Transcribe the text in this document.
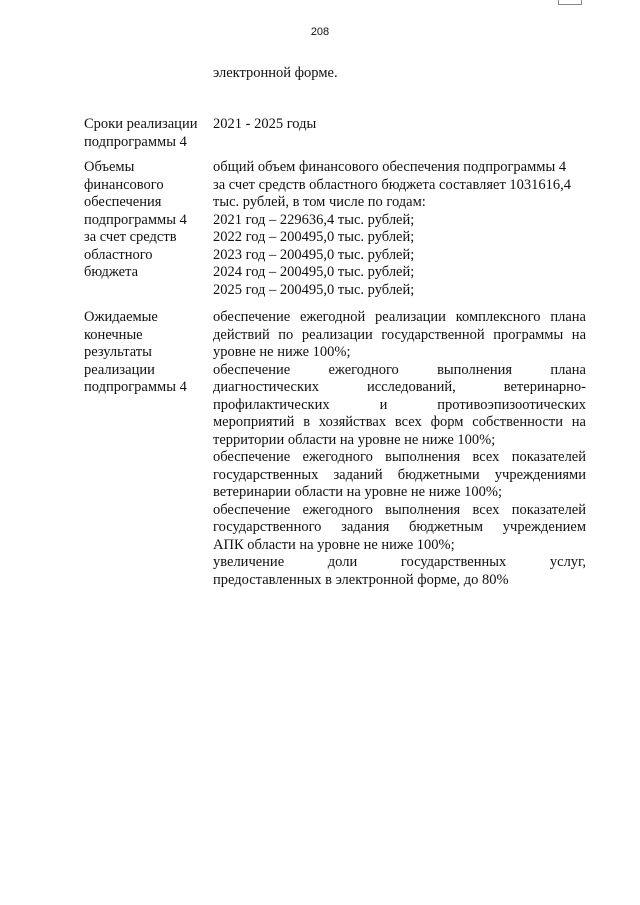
208
электронной форме.
Сроки реализации
подпрограммы 4
2021 - 2025 годы
Объемы
финансового
обеспечения
подпрограммы 4
за счет средств
областного
бюджета
общий объем финансового обеспечения подпрограммы 4
за счет средств областного бюджета составляет 1031616,4
тыс. рублей, в том числе по годам:
2021 год – 229636,4 тыс. рублей;
2022 год – 200495,0 тыс. рублей;
2023 год – 200495,0 тыс. рублей;
2024 год – 200495,0 тыс. рублей;
2025 год – 200495,0 тыс. рублей;
Ожидаемые
конечные
результаты
реализации
подпрограммы 4
обеспечение ежегодной реализации комплексного плана
действий по реализации государственной программы на
уровне не ниже 100%;
обеспечение ежегодного выполнения плана
диагностических исследований, ветеринарно-
профилактических и противоэпизоотических
мероприятий в хозяйствах всех форм собственности на
территории области на уровне не ниже 100%;
обеспечение ежегодного выполнения всех показателей
государственных заданий бюджетными учреждениями
ветеринарии области на уровне не ниже 100%;
обеспечение ежегодного выполнения всех показателей
государственного задания бюджетным учреждением
АПК области на уровне не ниже 100%;
увеличение доли государственных услуг,
предоставленных в электронной форме, до 80%
